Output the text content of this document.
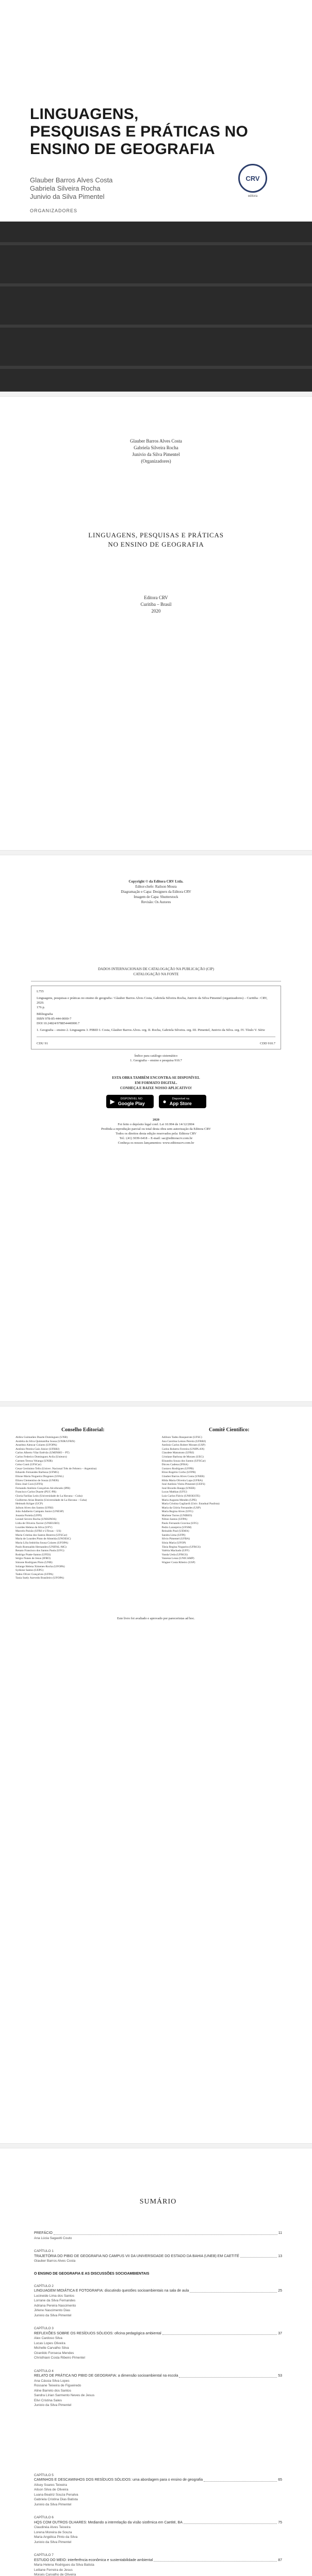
LINGUAGENS,
PESQUISAS E PRÁTICAS NO
ENSINO DE GEOGRAFIA
Glauber Barros Alves Costa
Gabriela Silveira Rocha
Junivio da Silva Pimentel
ORGANIZADORES
CRV
editora
Glauber Barros Alves Costa
Gabriela Silveira Rocha
Junivio da Silva Pimentel
(Organizadores)
LINGUAGENS, PESQUISAS E PRÁTICAS
NO ENSINO DE GEOGRAFIA
Editora CRV
Curitiba – Brasil
2020
Copyright © da Editora CRV Ltda.
Editor-chefe: Railson Moura
Diagramação e Capa: Designers da Editora CRV
Imagem de Capa: Shutterstock
Revisão: Os Autores
DADOS INTERNACIONAIS DE CATALOGAÇÃO NA PUBLICAÇÃO (CIP)
CATALOGAÇÃO NA FONTE
L755
Linguagens, pesquisas e práticas no ensino de geografia / Glauber Barros Alves Costa, Gabriela Silveira Rocha, Junivio da Silva Pimentel (organizadores) – Curitiba : CRV, 2020.
176 p.
Bibliografia
ISBN 978-85-444-0000-7
DOI 10.24824/978854440000.7
1. Geografia – ensino 2. Linguagens 3. PIBID I. Costa, Glauber Barros Alves. org. II. Rocha, Gabriela Silveira. org. III. Pimentel, Junivio da Silva. org. IV. Título V. Série
CDU 91	CDD 910.7
Índice para catálogo sistemático
1. Geografia – ensino e pesquisa 910.7
ESTA OBRA TAMBÉM ENCONTRA-SE DISPONÍVEL
EM FORMATO DIGITAL.
CONHEÇA E BAIXE NOSSO APLICATIVO!
▶	DISPONÍVEL NO
Google Play	●	Disponível na
App Store
2020
Foi feito o depósito legal conf. Lei 10.994 de 14/12/2004
Proibida a reprodução parcial ou total desta obra sem autorização da Editora CRV
Todos os direitos desta edição reservados pela: Editora CRV
Tel.: (41) 3039-6418 – E-mail: sac@editoracrv.com.br
Conheça os nossos lançamentos: www.editoracrv.com.br
Conselho Editorial:
Aldira Guimarães Duarte Domínguez (UNB)
Andréia da Silva Quintanilha Sousa (UNIR/UFRN)
Anselmo Alencar Colares (UFOPA)
Antônio Pereira Gaio Júnior (UFRRJ)
Carlos Alberto Vilar Estêvão (UMINHO – PT)
Carlos Federico Dominguez Avila (Unieuro)
Carmen Tereza Velanga (UNIR)
Celso Conti (UFSCar)
Cesar Gerónimo Tello (Univer .Nacional Três de Febrero – Argentina)
Eduardo Fernandes Barbosa (UFMG)
Elione Maria Nogueira Diogenes (UFAL)
Elizeu Clementino de Souza (UNEB)
Élsio José Corá (UFFS)
Fernando Antônio Gonçalves Alcoforado (IPB)
Francisco Carlos Duarte (PUC-PR)
Gloria Fariñas León (Universidade de La Havana – Cuba)
Guillermo Arias Beatón (Universidade de La Havana – Cuba)
Helmuth Krüger (UCP)
Jailson Alves dos Santos (UFRJ)
João Adalberto Campato Junior (UNESP)
Josania Portela (UFPI)
Leonel Severo Rocha (UNISINOS)
Lídia de Oliveira Xavier (UNIEURO)
Lourdes Helena da Silva (UFV)
Marcelo Paixão (UFRJ e UTexas – US)
Maria Cristina dos Santos Bezerra (UFSCar)
Maria de Lourdes Pinto de Almeida (UNOESC)
Maria Lília Imbiriba Sousa Colares (UFOPA)
Paulo Romualdo Hernandes (UNIFAL-MG)
Renato Francisco dos Santos Paula (UFG)
Rodrigo Pratte-Santos (UFES)
Sérgio Nunes de Jesus (IFRO)
Simone Rodrigues Pinto (UNB)
Solange Helena Ximenes-Rocha (UFOPA)
Sydione Santos (UEPG)
Tadeu Oliver Gonçalves (UFPA)
Tania Suely Azevedo Brasileiro (UFOPA)
Comitê Científico:
Adilson Tadeu Basquerote (UFSC)
Ana Carolina Lemos Pereira (UFRRJ)
Antônio Carlos Robert Moraes (USP)
Carlos Roberto Ferreira (UNIPLAN)
Claudete Matumoto (UFRJ)
Cristiane Barbosa de Moraes (UEG)
Elisandra Souza dos Santos (UFSCar)
Dirceu Cadena (IFBA)
Gustavo Rodrigues (UFPB)
Elton Rogério Corbo (UFPR)
Glauber Barros Alves Costa (UNEB)
Hilda Maria Oliveira Lapa (UFBA)
José Antônio Vieira Pimentel (UEFS)
José Ricardo Raupp (UNEB)
Lucas Mathias (UFU)
Luiz Carlos Flávio (UNIOESTE)
Maria Augusta Mendes (UPE)
Maria Cristina Gagliardi (Univ. Estadual Paulista)
Maria da Glória Fernandes (USP)
Maria Regina Alves (UFG)
Marlene Torres (UNIRIO)
Nilton Santos (UFPA)
Paulo Fernando Gravina (UFG)
Pedro Laranjeira (UFSM)
Reinaldo Paul (UEMA)
Sandra Lima (UFPI)
Sílvio Pimentel (UFBA)
Sônia Maria (UFOP)
Tânia Regina Nogueira (UFRGS)
Valéria Machado (UFF)
Vanda Ueda (UFRGS)
Vanessa Lessa (UNICAMP)
Wagner Costa Ribeiro (USP)
Este livro foi avaliado e aprovado por pareceristas ad hoc.
SUMÁRIO
PREFÁCIO	11
Ana Lúcia Sagastti Couto
CAPÍTULO 1
TRAJETÓRIA DO PIBID DE GEOGRAFIA NO CAMPUS VII DA UNIVERSIDADE DO ESTADO DA BAHIA (UNEB) EM CAETITÉ	13
Glauber Barros Alves Costa
O ENSINO DE GEOGRAFIA E AS DISCUSSÕES SOCIOAMBIENTAIS
CAPÍTULO 2
LINGUAGEM MIDIÁTICA E FOTOGRAFIA: discutindo questões socioambientais na sala de aula	25
Lucineide Lima dos Santos
Lorrane da Silva Fernandes
Adriana Pereira Nascimento
Jirlene Nascimento Dias
Junivio da Silva Pimentel
CAPÍTULO 3
REFLEXÕES SOBRE OS RESÍDUOS SÓLIDOS: oficina pedagógica ambiental	37
Alex Cardoso Silva
Lucas Lopes Oliveira
Michelle Carvalho Silva
Ozanildo Fonseca Mendes
Christhiani Costa Ribeiro Pimentel
CAPÍTULO 4
RELATO DE PRÁTICA NO PIBID DE GEOGRAFIA: a dimensão socioambiental na escola	53
Ana Cássia Silva Lopes
Rossane Teixeira de Figueiredo
Aline Barreto dos Santos
Sandra Lírian Sarmento Neves de Jesus
Elivi Cristina Sales
Junivio da Silva Pimentel
CAPÍTULO 5
CAMINHOS E DESCAMINHOS DOS RESÍDUOS SÓLIDOS: uma abordagem para o ensino de geografia	65
Ailsey Soares Teixeira
Ailson Silva de Oliveira
Luana Beatriz Souza Penalva
Gabriela Cristina Dias Batista
Junivio da Silva Pimentel
CAPÍTULO 6
HQS COM OUTROS OLHARES: Mediando a interrelação da visão sistêmica em Caetité, BA	75
Claudinéa Alves Teixeira
Lorena Moreira de Souza
Maria Angélica Pinto da Silva
Junivio da Silva Pimentel
CAPÍTULO 7
ESTUDO DO MEIO: interferência econômica e sustentabilidade ambiental	87
Maria Helena Rodrigues da Silva Batista
Leiliane Ferreira de Jesus
Moisés Carvalho de Oliveira
